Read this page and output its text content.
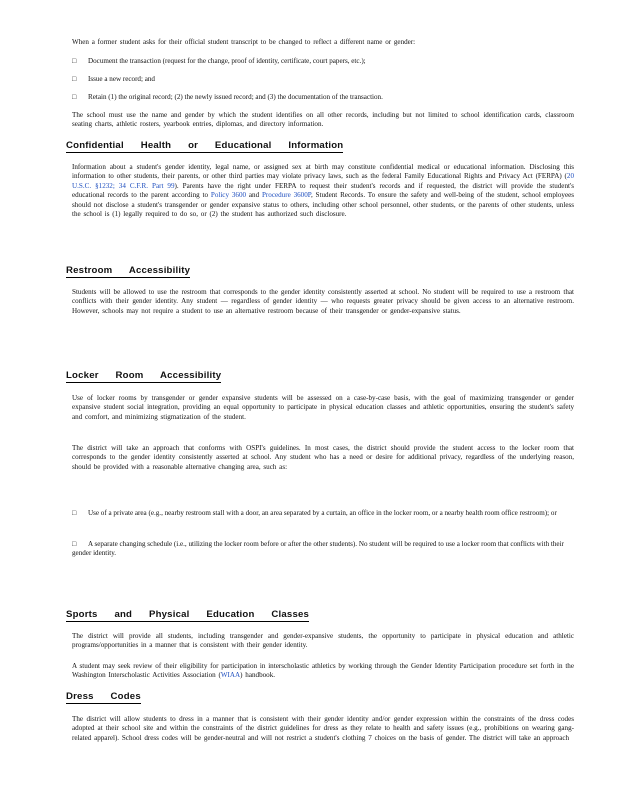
When a former student asks for their official student transcript to be changed to reflect a different name or gender:

□ Document the transaction (request for the change, proof of identity, certificate, court papers, etc.);
□ Issue a new record; and
□ Retain (1) the original record; (2) the newly issued record; and (3) the documentation of the transaction.

The school must use the name and gender by which the student identifies on all other records, including but not limited to school identification cards, classroom seating charts, athletic rosters, yearbook entries, diplomas, and directory information.

Confidential Health or Educational Information

Information about a student's gender identity, legal name, or assigned sex at birth may constitute confidential medical or educational information. Disclosing this information to other students, their parents, or other third parties may violate privacy laws, such as the federal Family Educational Rights and Privacy Act (FERPA) (20 U.S.C. §1232; 34 C.F.R. Part 99). Parents have the right under FERPA to request their student's records and if requested, the district will provide the student's educational records to the parent according to Policy 3600 and Procedure 3600P, Student Records. To ensure the safety and well-being of the student, school employees should not disclose a student's transgender or gender expansive status to others, including other school personnel, other students, or the parents of other students, unless the school is (1) legally required to do so, or (2) the student has authorized such disclosure.

Restroom Accessibility

Students will be allowed to use the restroom that corresponds to the gender identity consistently asserted at school. No student will be required to use a restroom that conflicts with their gender identity. Any student — regardless of gender identity — who requests greater privacy should be given access to an alternative restroom. However, schools may not require a student to use an alternative restroom because of their transgender or gender-expansive status.

Locker Room Accessibility

Use of locker rooms by transgender or gender expansive students will be assessed on a case-by-case basis, with the goal of maximizing transgender or gender expansive student social integration, providing an equal opportunity to participate in physical education classes and athletic opportunities, ensuring the student's safety and comfort, and minimizing stigmatization of the student.

The district will take an approach that conforms with OSPI's guidelines. In most cases, the district should provide the student access to the locker room that corresponds to the gender identity consistently asserted at school. Any student who has a need or desire for additional privacy, regardless of the underlying reason, should be provided with a reasonable alternative changing area, such as:

□ Use of a private area (e.g., nearby restroom stall with a door, an area separated by a curtain, an office in the locker room, or a nearby health room office restroom); or
□ A separate changing schedule (i.e., utilizing the locker room before or after the other students). No student will be required to use a locker room that conflicts with their gender identity.
Sports and Physical Education Classes

The district will provide all students, including transgender and gender-expansive students, the opportunity to participate in physical education and athletic programs/opportunities in a manner that is consistent with their gender identity.

A student may seek review of their eligibility for participation in interscholastic athletics by working through the Gender Identity Participation procedure set forth in the Washington Interscholastic Activities Association (WIAA) handbook.

Dress Codes

The district will allow students to dress in a manner that is consistent with their gender identity and/or gender expression within the constraints of the dress codes adopted at their school site and within the constraints of the district guidelines for dress as they relate to health and safety issues (e.g., prohibitions on wearing gang-related apparel). School dress codes will be gender-neutral and will not restrict a student's clothing 7 choices on the basis of gender. The district will take an approach
